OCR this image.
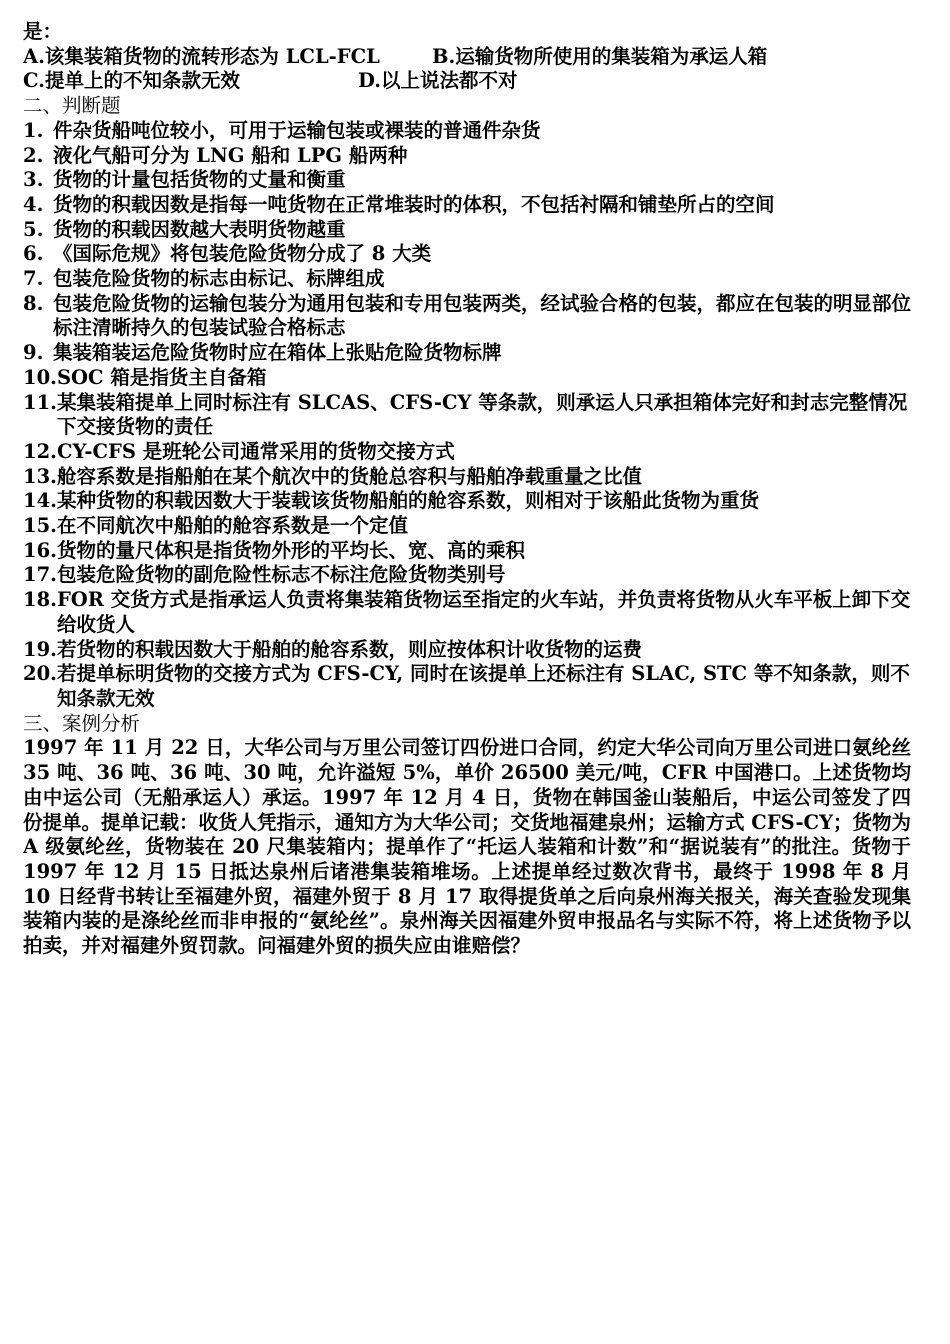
是：
A.该集装箱货物的流转形态为 LCL-FCL	B.运输货物所使用的集装箱为承运人箱
C.提单上的不知条款无效	D.以上说法都不对
二、判断题
1. 件杂货船吨位较小，可用于运输包装或裸装的普通件杂货
2. 液化气船可分为 LNG 船和 LPG 船两种
3. 货物的计量包括货物的丈量和衡重
4. 货物的积载因数是指每一吨货物在正常堆装时的体积，不包括衬隔和铺垫所占的空间
5. 货物的积载因数越大表明货物越重
6. 《国际危规》将包装危险货物分成了 8 大类
7. 包装危险货物的标志由标记、标牌组成
8. 包装危险货物的运输包装分为通用包装和专用包装两类，经试验合格的包装，都应在包装的明显部位标注清晰持久的包装试验合格标志
9. 集装箱装运危险货物时应在箱体上张贴危险货物标牌
10. SOC 箱是指货主自备箱
11. 某集装箱提单上同时标注有 SLCAS、CFS-CY 等条款，则承运人只承担箱体完好和封志完整情况下交接货物的责任
12. CY-CFS 是班轮公司通常采用的货物交接方式
13. 舱容系数是指船舶在某个航次中的货舱总容积与船舶净载重量之比值
14. 某种货物的积载因数大于装载该货物船舶的舱容系数，则相对于该船此货物为重货
15. 在不同航次中船舶的舱容系数是一个定值
16. 货物的量尺体积是指货物外形的平均长、宽、高的乘积
17. 包装危险货物的副危险性标志不标注危险货物类别号
18. FOR 交货方式是指承运人负责将集装箱货物运至指定的火车站，并负责将货物从火车平板上卸下交给收货人
19. 若货物的积载因数大于船舶的舱容系数，则应按体积计收货物的运费
20. 若提单标明货物的交接方式为 CFS-CY, 同时在该提单上还标注有 SLAC, STC 等不知条款，则不知条款无效
三、案例分析

1997 年 11 月 22 日，大华公司与万里公司签订四份进口合同，约定大华公司向万里公司进口氨纶丝 35 吨、36 吨、36 吨、30 吨，允许溢短 5%，单价 26500 美元/吨，CFR 中国港口。上述货物均由中运公司（无船承运人）承运。1997 年 12 月 4 日，货物在韩国釜山装船后，中运公司签发了四份提单。提单记载：收货人凭指示，通知方为大华公司；交货地福建泉州；运输方式 CFS-CY；货物为 A 级氨纶丝，货物装在 20 尺集装箱内；提单作了“托运人装箱和计数”和“据说装有”的批注。货物于 1997 年 12 月 15 日抵达泉州后诸港集装箱堆场。上述提单经过数次背书，最终于 1998 年 8 月 10 日经背书转让至福建外贸，福建外贸于 8 月 17 取得提货单之后向泉州海关报关，海关查验发现集装箱内装的是涤纶丝而非申报的“氨纶丝”。泉州海关因福建外贸申报品名与实际不符，将上述货物予以拍卖，并对福建外贸罚款。问福建外贸的损失应由谁赔偿？
